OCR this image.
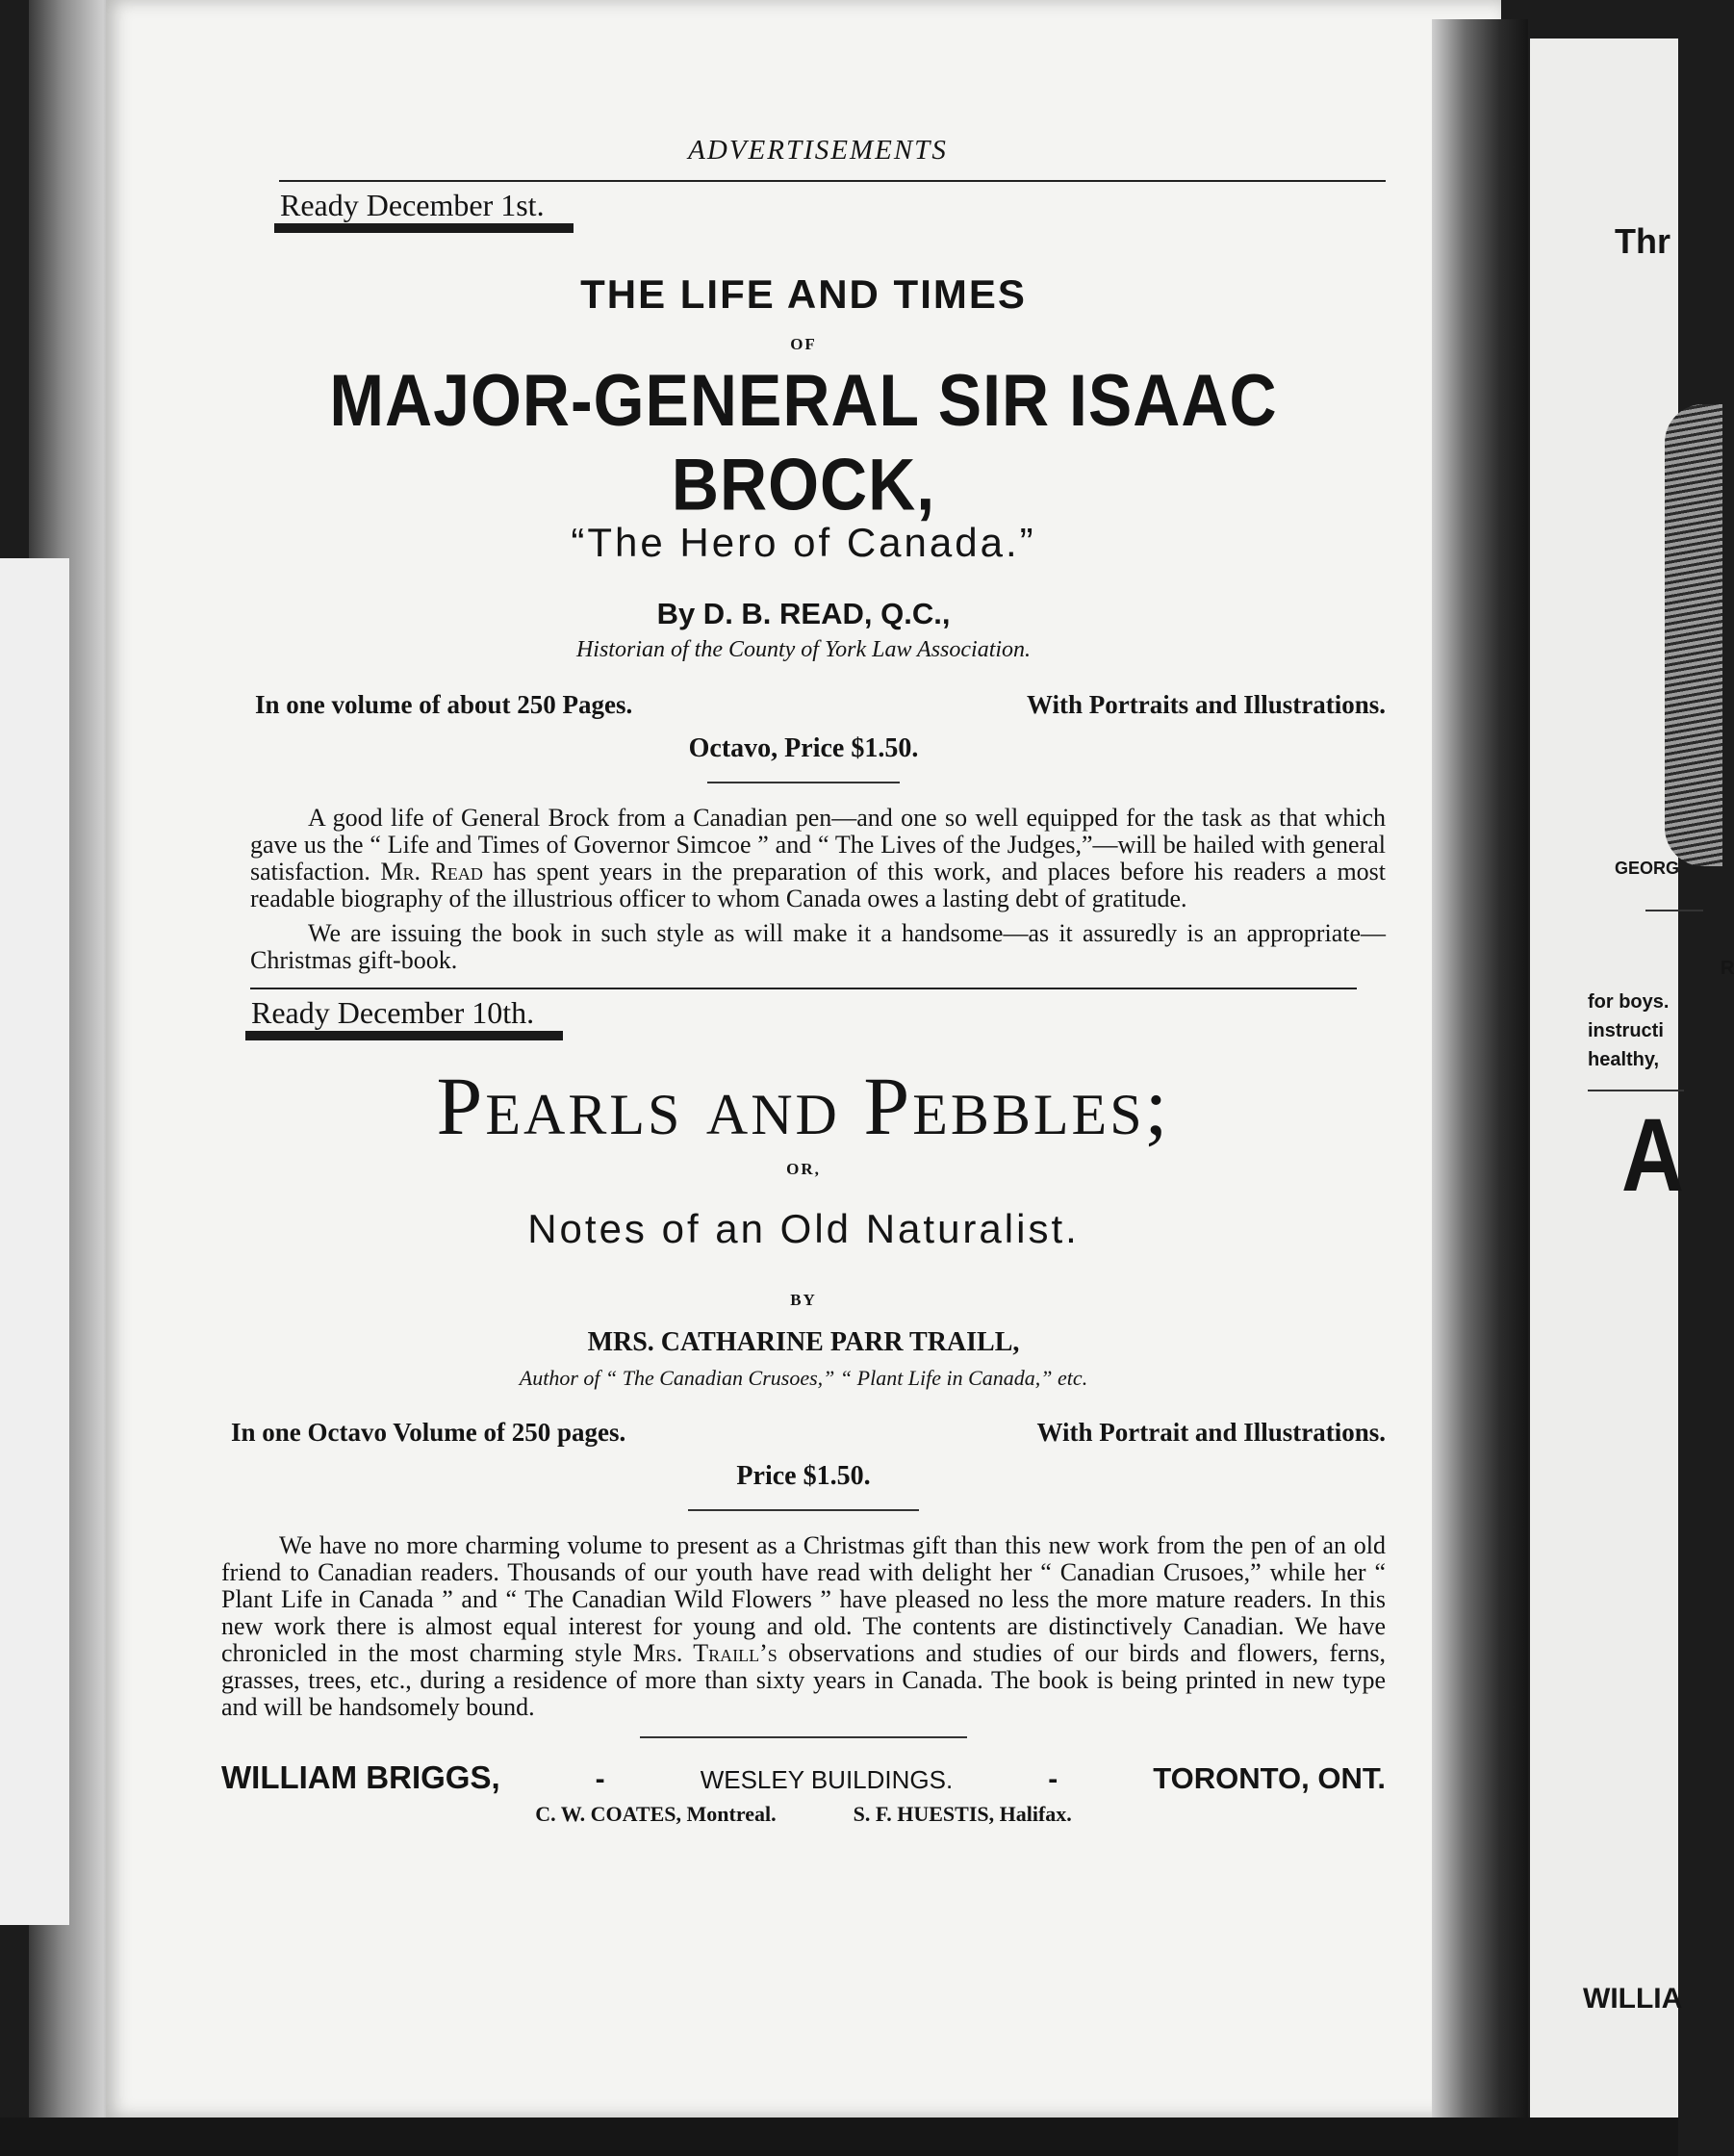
Thr
GEORG
R
for boys.
instructi
healthy,
A
WILLIA
ADVERTISEMENTS
Ready December 1st.
THE LIFE AND TIMES
OF
MAJOR-GENERAL SIR ISAAC BROCK,
“The Hero of Canada.”
By D. B. READ, Q.C.,
Historian of the County of York Law Association.
In one volume of about 250 Pages.	With Portraits and Illustrations.
Octavo, Price $1.50.

A good life of General Brock from a Canadian pen—and one so well equipped for the task as that which gave us the “ Life and Times of Governor Simcoe ” and “ The Lives of the Judges,”—will be hailed with general satisfaction. Mr. Read has spent years in the preparation of this work, and places before his readers a most readable biography of the illustrious officer to whom Canada owes a lasting debt of gratitude.

We are issuing the book in such style as will make it a handsome—as it assuredly is an appropriate—Christmas gift-book.

Ready December 10th.
Pearls and Pebbles;
OR,
Notes of an Old Naturalist.
BY
MRS. CATHARINE PARR TRAILL,
Author of “ The Canadian Crusoes,” “ Plant Life in Canada,” etc.
In one Octavo Volume of 250 pages.	With Portrait and Illustrations.
Price $1.50.

We have no more charming volume to present as a Christmas gift than this new work from the pen of an old friend to Canadian readers. Thousands of our youth have read with delight her “ Canadian Crusoes,” while her “ Plant Life in Canada ” and “ The Canadian Wild Flowers ” have pleased no less the more mature readers. In this new work there is almost equal interest for young and old. The contents are distinctively Canadian. We have chronicled in the most charming style Mrs. Traill’s observations and studies of our birds and flowers, ferns, grasses, trees, etc., during a residence of more than sixty years in Canada. The book is being printed in new type and will be handsomely bound.

WILLIAM BRIGGS,	-	WESLEY BUILDINGS.	-	TORONTO, ONT.
C. W. COATES, Montreal.	S. F. HUESTIS, Halifax.
